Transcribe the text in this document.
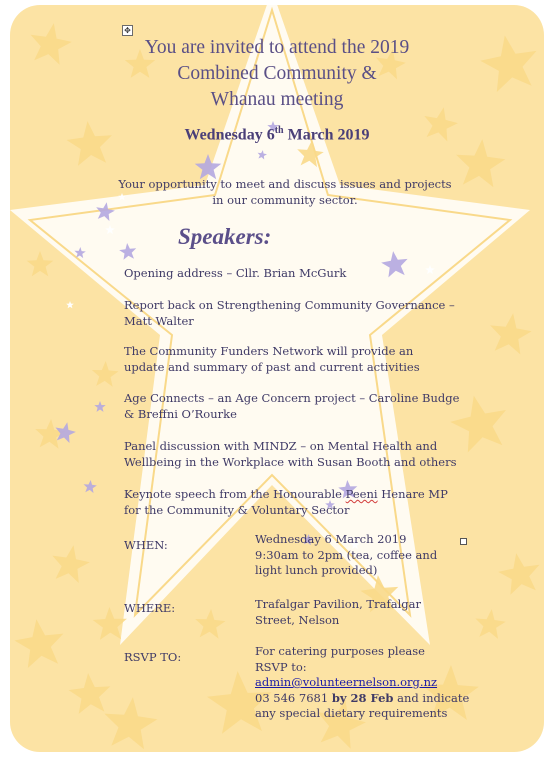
✥
You are invited to attend the 2019
Combined Community &
Whanau meeting
Wednesday 6th March 2019
Your opportunity to meet and discuss issues and projects
in our community sector.
Speakers:
Opening address – Cllr. Brian McGurk
Report back on Strengthening Community Governance –
Matt Walter
The Community Funders Network will provide an
update and summary of past and current activities
Age Connects – an Age Concern project – Caroline Budge
& Breffni O’Rourke
Panel discussion with MINDZ – on Mental Health and
Wellbeing in the Workplace with Susan Booth and others
Keynote speech from the Honourable Peeni Henare MP
for the Community & Voluntary Sector
WHEN:	Wednesday 6 March 2019
9:30am to 2pm (tea, coffee and
light lunch provided)
WHERE:	Trafalgar Pavilion, Trafalgar
Street, Nelson
RSVP TO:	For catering purposes please
RSVP to:
admin@volunteernelson.org.nz
03 546 7681 by 28 Feb and indicate
any special dietary requirements
